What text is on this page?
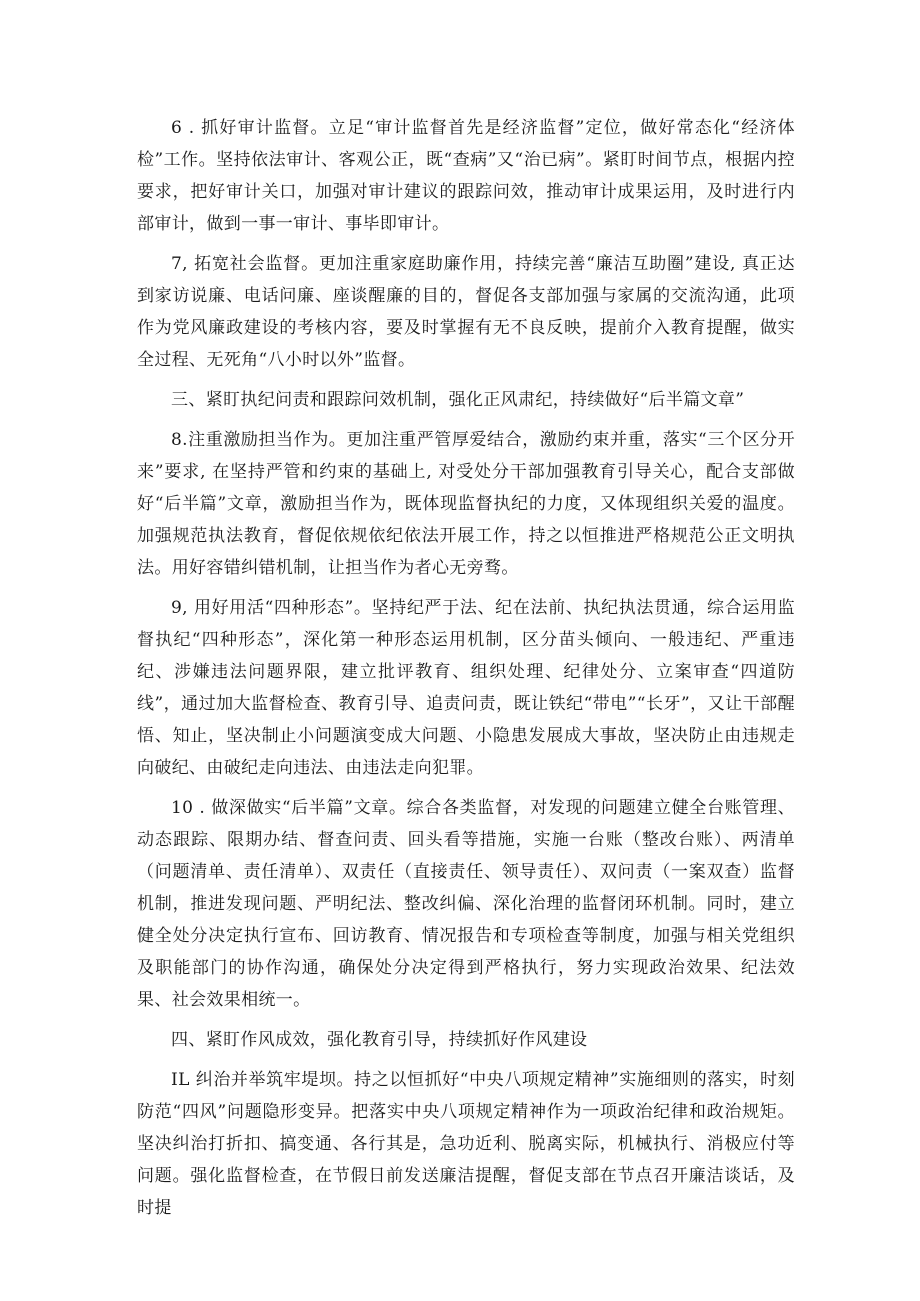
6 . 抓好审计监督。立足“审计监督首先是经济监督”定位，做好常态化“经济体检”工作。坚持依法审计、客观公正，既“查病”又“治已病”。紧盯时间节点，根据内控要求，把好审计关口，加强对审计建议的跟踪问效，推动审计成果运用，及时进行内部审计，做到一事一审计、事毕即审计。

7, 拓宽社会监督。更加注重家庭助廉作用，持续完善“廉洁互助圈”建设, 真正达到家访说廉、电话问廉、座谈醒廉的目的，督促各支部加强与家属的交流沟通，此项作为党风廉政建设的考核内容，要及时掌握有无不良反映，提前介入教育提醒，做实全过程、无死角“八小时以外”监督。

三、紧盯执纪问责和跟踪问效机制，强化正风肃纪，持续做好“后半篇文章”

8.注重激励担当作为。更加注重严管厚爱结合，激励约束并重，落实“三个区分开来”要求, 在坚持严管和约束的基础上, 对受处分干部加强教育引导关心，配合支部做好“后半篇”文章，激励担当作为，既体现监督执纪的力度，又体现组织关爱的温度。加强规范执法教育，督促依规依纪依法开展工作，持之以恒推进严格规范公正文明执法。用好容错纠错机制，让担当作为者心无旁骛。

9, 用好用活“四种形态”。坚持纪严于法、纪在法前、执纪执法贯通，综合运用监督执纪“四种形态”，深化第一种形态运用机制，区分苗头倾向、一般违纪、严重违纪、涉嫌违法问题界限，建立批评教育、组织处理、纪律处分、立案审查“四道防线”，通过加大监督检查、教育引导、追责问责，既让铁纪“带电”“长牙”，又让干部醒悟、知止，坚决制止小问题演变成大问题、小隐患发展成大事故，坚决防止由违规走向破纪、由破纪走向违法、由违法走向犯罪。

10 . 做深做实“后半篇”文章。综合各类监督，对发现的问题建立健全台账管理、动态跟踪、限期办结、督查问责、回头看等措施，实施一台账（整改台账）、两清单（问题清单、责任清单）、双责任（直接责任、领导责任）、双问责（一案双查）监督机制，推进发现问题、严明纪法、整改纠偏、深化治理的监督闭环机制。同时，建立健全处分决定执行宣布、回访教育、情况报告和专项检查等制度，加强与相关党组织及职能部门的协作沟通，确保处分决定得到严格执行，努力实现政治效果、纪法效果、社会效果相统一。

四、紧盯作风成效，强化教育引导，持续抓好作风建设

IL 纠治并举筑牢堤坝。持之以恒抓好“中央八项规定精神”实施细则的落实，时刻防范“四风”问题隐形变异。把落实中央八项规定精神作为一项政治纪律和政治规矩。坚决纠治打折扣、搞变通、各行其是，急功近利、脱离实际，机械执行、消极应付等问题。强化监督检查，在节假日前发送廉洁提醒，督促支部在节点召开廉洁谈话，及时提
